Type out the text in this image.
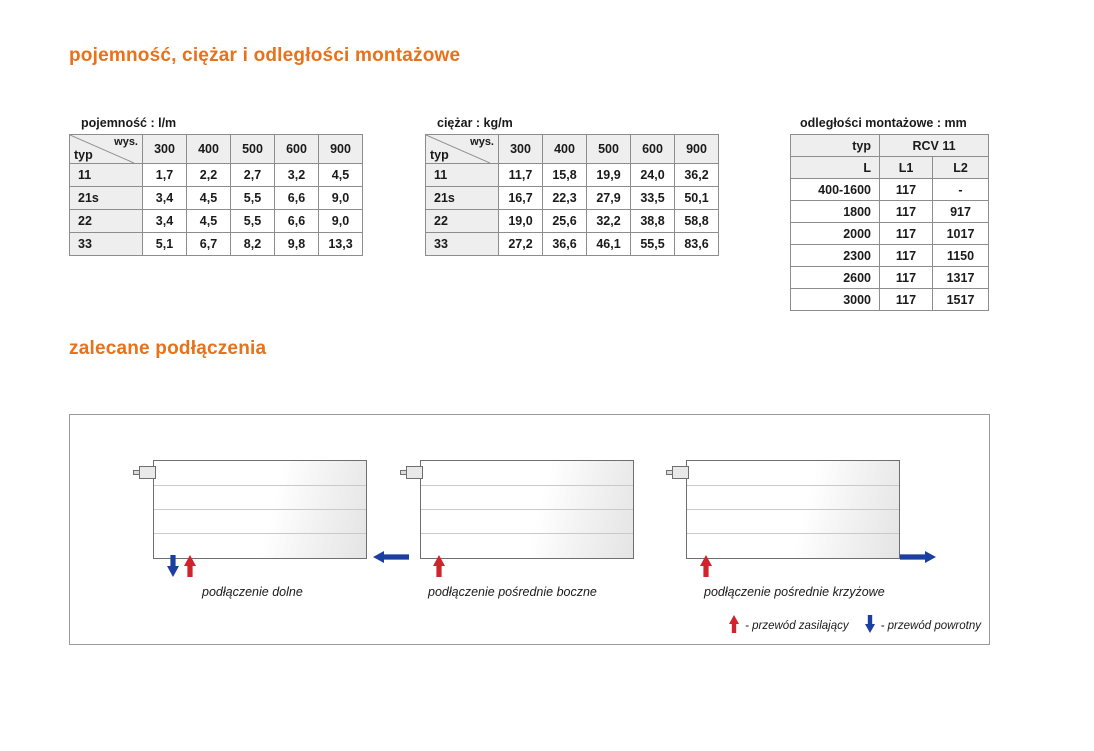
pojemność, ciężar i odległości montażowe
pojemność : l/m	ciężar : kg/m	odległości montażowe : mm
wys.
typ	300	400	500	600	900
11	1,7	2,2	2,7	3,2	4,5
21s	3,4	4,5	5,5	6,6	9,0
22	3,4	4,5	5,5	6,6	9,0
33	5,1	6,7	8,2	9,8	13,3
wys.
typ	300	400	500	600	900
11	11,7	15,8	19,9	24,0	36,2
21s	16,7	22,3	27,9	33,5	50,1
22	19,0	25,6	32,2	38,8	58,8
33	27,2	36,6	46,1	55,5	83,6
typ	RCV 11	
L	L1	L2
400-1600	117	-
1800	117	917
2000	117	1017
2300	117	1150
2600	117	1317
3000	117	1517
zalecane podłączenia
podłączenie dolne	podłączenie pośrednie boczne	podłączenie pośrednie krzyżowe
- przewód zasilający	- przewód powrotny
